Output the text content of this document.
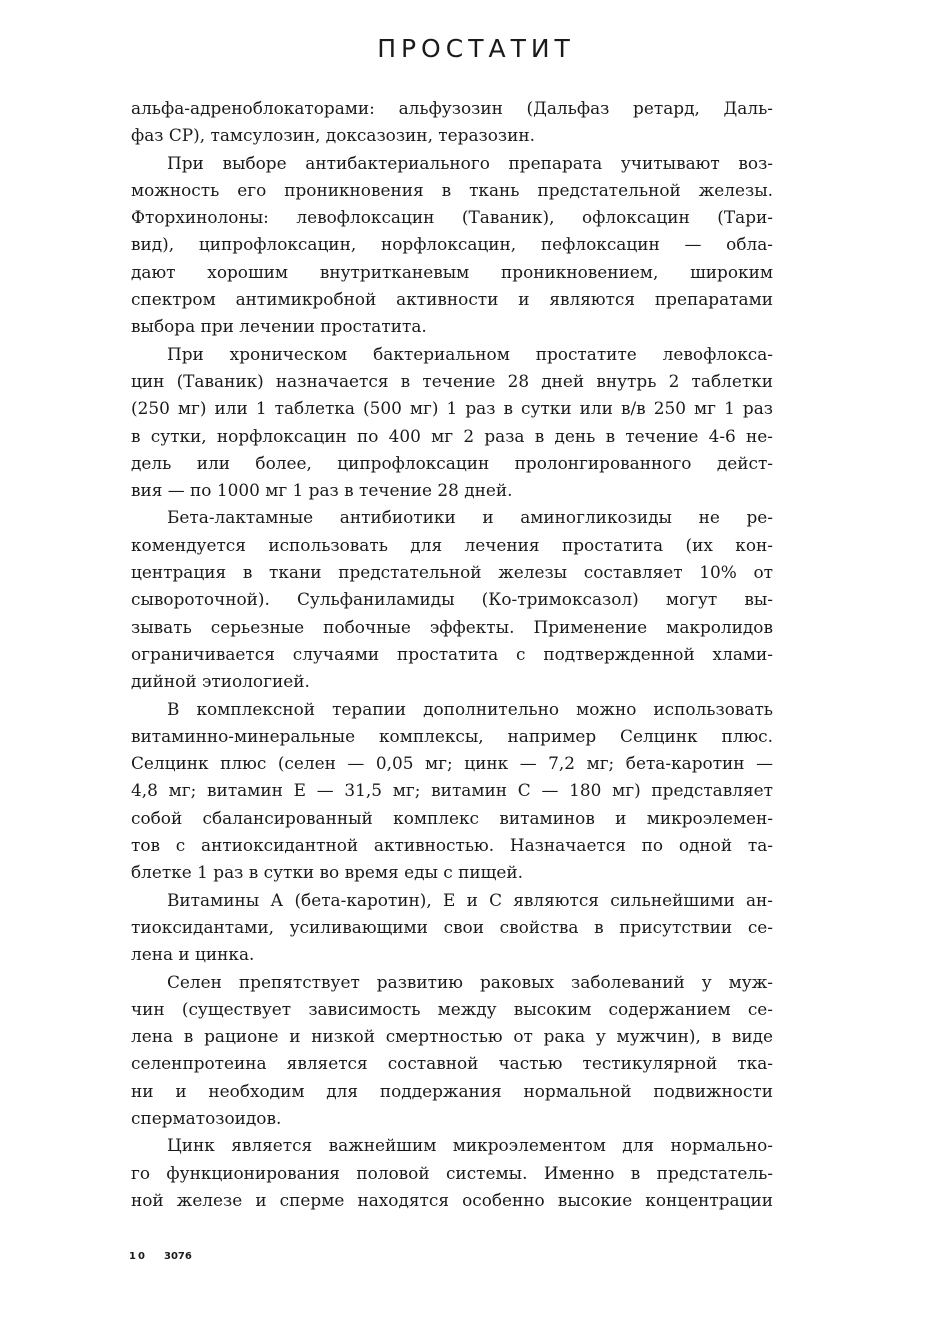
ПРОСТАТИТ

альфа-адреноблокаторами: альфузозин (Дальфаз ретард, Даль-
фаз СР), тамсулозин, доксазозин, теразозин.

При выборе антибактериального препарата учитывают воз-
можность его проникновения в ткань предстательной железы.
Фторхинолоны: левофлоксацин (Таваник), офлоксацин (Тари-
вид), ципрофлоксацин, норфлоксацин, пефлоксацин — обла-
дают хорошим внутритканевым проникновением, широким
спектром антимикробной активности и являются препаратами
выбора при лечении простатита.

При хроническом бактериальном простатите левофлокса-
цин (Таваник) назначается в течение 28 дней внутрь 2 таблетки
(250 мг) или 1 таблетка (500 мг) 1 раз в сутки или в/в 250 мг 1 раз
в сутки, норфлоксацин по 400 мг 2 раза в день в течение 4-6 не-
дель или более, ципрофлоксацин пролонгированного дейст-
вия — по 1000 мг 1 раз в течение 28 дней.

Бета-лактамные антибиотики и аминогликозиды не ре-
комендуется использовать для лечения простатита (их кон-
центрация в ткани предстательной железы составляет 10% от
сывороточной). Сульфаниламиды (Ко-тримоксазол) могут вы-
зывать серьезные побочные эффекты. Применение макролидов
ограничивается случаями простатита с подтвержденной хлами-
дийной этиологией.

В комплексной терапии дополнительно можно использовать
витаминно-минеральные комплексы, например Селцинк плюс.
Селцинк плюс (селен — 0,05 мг; цинк — 7,2 мг; бета-каротин —
4,8 мг; витамин Е — 31,5 мг; витамин С — 180 мг) представляет
собой сбалансированный комплекс витаминов и микроэлемен-
тов с антиоксидантной активностью. Назначается по одной та-
блетке 1 раз в сутки во время еды с пищей.

Витамины А (бета-каротин), Е и С являются сильнейшими ан-
тиоксидантами, усиливающими свои свойства в присутствии се-
лена и цинка.

Селен препятствует развитию раковых заболеваний у муж-
чин (существует зависимость между высоким содержанием се-
лена в рационе и низкой смертностью от рака у мужчин), в виде
селенпротеина является составной частью тестикулярной тка-
ни и необходим для поддержания нормальной подвижности
сперматозоидов.

Цинк является важнейшим микроэлементом для нормально-
го функционирования половой системы. Именно в предстатель-
ной железе и сперме находятся особенно высокие концентрации

10 3076
